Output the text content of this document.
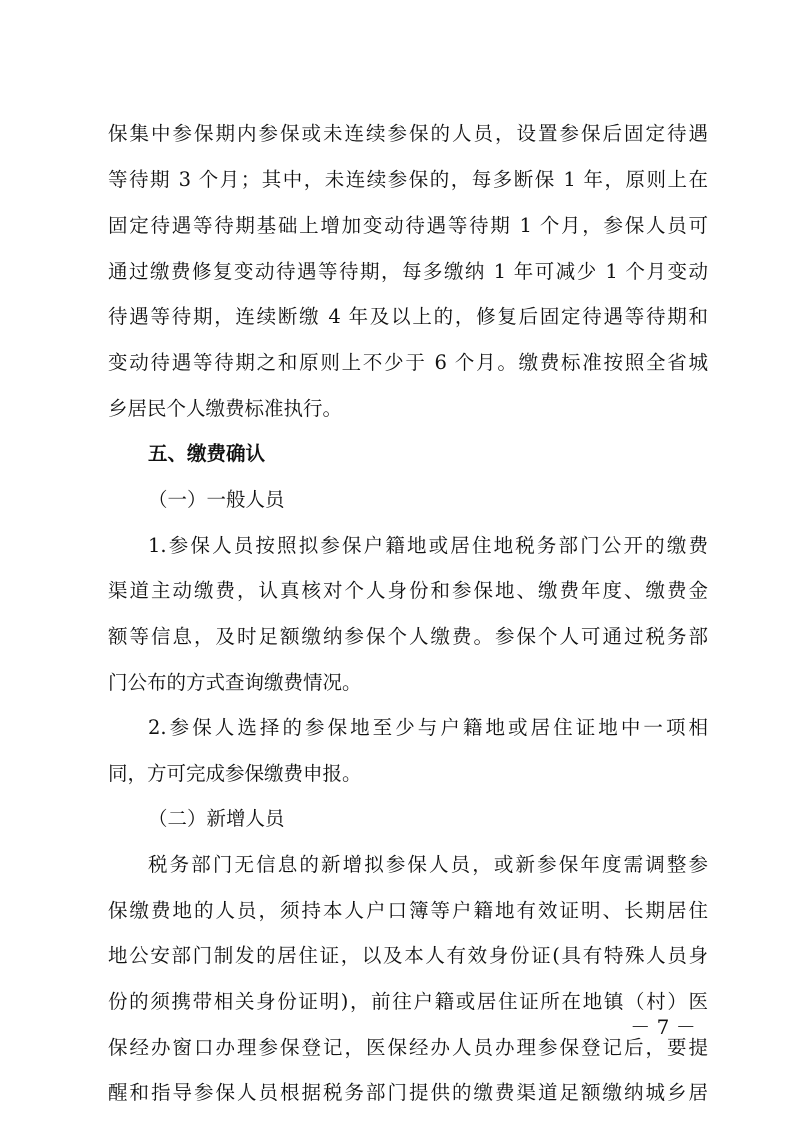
保集中参保期内参保或未连续参保的人员，设置参保后固定待遇
等待期 3 个月；其中，未连续参保的，每多断保 1 年，原则上在
固定待遇等待期基础上增加变动待遇等待期 1 个月，参保人员可
通过缴费修复变动待遇等待期，每多缴纳 1 年可减少 1 个月变动
待遇等待期，连续断缴 4 年及以上的，修复后固定待遇等待期和
变动待遇等待期之和原则上不少于 6 个月。缴费标准按照全省城
乡居民个人缴费标准执行。
五、缴费确认
（一）一般人员
1.参保人员按照拟参保户籍地或居住地税务部门公开的缴费
渠道主动缴费，认真核对个人身份和参保地、缴费年度、缴费金
额等信息，及时足额缴纳参保个人缴费。参保个人可通过税务部
门公布的方式查询缴费情况。
2.参保人选择的参保地至少与户籍地或居住证地中一项相
同，方可完成参保缴费申报。
（二）新增人员
税务部门无信息的新增拟参保人员，或新参保年度需调整参
保缴费地的人员，须持本人户口簿等户籍地有效证明、长期居住
地公安部门制发的居住证，以及本人有效身份证(具有特殊人员身
份的须携带相关身份证明)，前往户籍或居住证所在地镇（村）医
保经办窗口办理参保登记，医保经办人员办理参保登记后，要提
醒和指导参保人员根据税务部门提供的缴费渠道足额缴纳城乡居
－ 7 －
